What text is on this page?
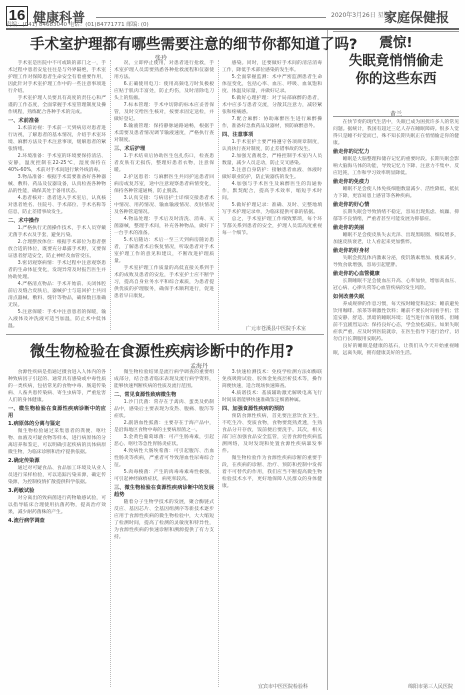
16 健康科普	2020年3月26日 星期四
家庭保健报
责编：(041) 84683040 电话：(01)84771771 邮编: (0)
手术室护理都有哪些需要注意的细节你都知道了吗?
张玲

手术室是医院中不可或缺的部门之一，手术过程中患者安危往往是与外界隔绝，手术室护理工作对保障患者生命安全有着重要作用，因此针对手术室护理工作中的一些注意事项进行介绍。

手术室护理人员要具有高度的责任心和严谨的工作态度，全面掌握手术室管理制度及操作规程，熟练配合各种手术的完成。

一、术前准备

1.术前访视：手术前一天到病房对患者进行访视，了解患者的基本情况，介绍手术室环境、麻醉方法及手术注意事项，缓解患者的紧张情绪。

2.环境准备：手术室的环境要保持清洁、安静，温度控制在22-25℃，湿度保持在40%-60%，术前对手术间进行紫外线消毒。

3.物品准备：根据手术需要准备好各种器械、敷料、药品及仪器设备，认真检查各种物品的性能，确保其处于备用状态。

4.患者核对：患者进入手术室后，认真核对患者姓名、住院号、手术部位、手术名称等信息，防止差错事故发生。

二、术中操作

1.严格执行无菌操作技术，手术人员穿戴无菌手术衣及手套，避免污染。

2.合理摆放体位：根据手术部位为患者摆放合适的体位，既要充分暴露手术野，又要保证患者舒适安全，防止神经及血管受压。

3.密切观察病情：手术过程中注意观察患者的生命体征变化，发现异常及时报告医生并协助处理。

4.严格清点物品：手术开始前、关闭体腔前后及缝合皮肤后，器械护士与巡回护士共同清点器械、敷料、缝针等物品，确保数目准确无误。

5.注意保暖：手术中注意患者的保暖，输入液体及冲洗液可适当加温，防止术中低体温。

况，立即停止使用，对患者进行抢救，手术室护理人员需要熟悉各种抢救流程和仪器使用方法。

6.正确使用电刀：使用高频电刀时负极板应贴于肌肉丰富处，防止灼伤，及时清除电刀头上的焦痂。

7.标本管理：手术中切除的标本应妥善保管，及时交给医生核对，按要求固定送检，并做好登记。

8.输液管理：保持静脉通路通畅，根据手术需要及患者情况调节输液速度，严格执行查对制度。

三、术后护理

1.手术结束后协助医生包扎伤口，检查患者皮肤有无损伤，整理好患者衣物，注意保暖。

2.护送患者：与麻醉医生共同护送患者回病房或复苏室，途中注意观察患者病情变化，保持各种管道通畅，防止脱落。

3.认真交接：与病房护士详细交接患者术中情况、用药情况、输血输液情况、皮肤情况及各种管道情况。

4.物品处理：手术后及时清洗、消毒、灭菌器械，整理手术间，补充各种物品，做好下一台手术的准备。

5.术后随访：术后一至三天到病房随访患者，了解患者术后恢复情况，听取患者对手术室护理工作的意见和建议，不断改进护理质量。

手术室护理工作质量的高低直接关系到手术的成败及患者的安危，手术室护士应不断学习，提高自身业务水平和综合素质，为患者提供优质的护理服务，确保手术顺利进行，促进患者早日康复。

感染。同时，还要做好手术间的清洁消毒工作，降低手术部位感染的发生率。

5.全面掌握监测：术中严密监测患者生命体征变化，包括心率、血压、呼吸、血氧饱和度、体温及尿量，并做好记录。

6.做好心理护理：对于局部麻醉的患者，术中应多与患者交流，分散其注意力，减轻紧张和疼痛感。

7.配合麻醉：协助麻醉医生进行麻醉操作，准备好急救药品及器材，预防麻醉意外。

四、注意事项

1.手术室护士要严格遵守各项规章制度，认真执行查对制度，防止差错事故的发生。

2.加强无菌观念，严格控制手术室内人员数量，减少人员走动，防止交叉感染。

3.注意自身防护：接触患者血液、体液时做好职业防护，防止锐器伤的发生。

4.加强与手术医生及麻醉医生的沟通协作，默契配合，提高手术效率，缩短手术时间。

5.做好护理记录：准确、及时、完整地填写手术护理记录单，为临床提供可靠的依据。

总之，手术室护理工作细致繁琐，每个环节都关系到患者的安全，护理人员需高度重视每一个细节。

广元市苍溪县中医院手术室
微生物检验在食源性疾病诊断中的作用?
孟海丹

食源性疾病是指通过摄食进入人体内的各种致病因子引起的、通常具有感染或中毒性质的一类疾病，包括常见的食物中毒、肠道传染病、人畜共患传染病、寄生虫病等，严重危害人们的身体健康。

一、微生物检验在食源性疾病诊断中的应用
1.病原体的分离与鉴定

微生物检验通过采集患者的粪便、呕吐物、血液及可疑食物等样本，进行病原体的分离培养和鉴定，可以明确引起疾病的具体病原微生物，为临床诊断和治疗提供依据。

2.确定传染源

通过对可疑食品、食品加工环境及从业人员进行采样检验，可以追踪污染来源，确定传染源，为控制疫情扩散提供科学依据。

3.药敏试验

对分离出的致病菌进行药物敏感试验，可以指导临床合理使用抗菌药物，提高治疗效果，减少耐药菌株的产生。

4.流行病学调查

微生物检验结果是流行病学调查的重要组成部分，结合患者临床表现及流行病学资料，能够快速判断疾病的性质及流行范围。

二、常见食源性致病微生物

1.沙门氏菌：常存在于禽肉、蛋类及奶制品中，感染后主要表现为发热、腹痛、腹泻等症状。

2.副溶血性弧菌：主要存在于海产品中，是沿海地区食物中毒的主要病原菌之一。

3.金黄色葡萄球菌：可产生肠毒素，引起恶心、呕吐等急性胃肠炎症状。

4.致病性大肠埃希菌：可引起腹泻、出血性肠炎等疾病，严重者可导致溶血性尿毒综合征。

5.肉毒梭菌：产生的肉毒毒素毒性极强，可引起神经麻痹症状，病死率较高。

三、微生物检验在食源性疾病诊断中的发展趋势

随着分子生物学技术的发展，聚合酶链式反应、基因芯片、全基因组测序等新技术逐步应用于食源性疾病的微生物检验中，大大缩短了检测时间，提高了检测的灵敏度和特异性，为食源性疾病的快速诊断和溯源提供了有力支持。

3.快速检测技术：免疫学检测方法如酶联免疫吸附试验、胶体金免疫层析技术等，操作简便快速，适合现场快速筛查。

4.质谱技术：基质辅助激光解吸电离飞行时间质谱能够快速准确鉴定细菌种属。

四、加强食源性疾病的预防

预防食源性疾病，首先要注意饮食卫生，不吃生冷、变质食物，食物要烧熟煮透，生熟食品分开存放，饭前便后要洗手。其次，相关部门应加强食品安全监管，完善食源性疾病监测网络，及时发现和处置食源性疾病暴发事件。

微生物检验作为食源性疾病诊断的重要手段，在疾病的诊断、治疗、预防和控制中发挥着不可替代的作用，我们应当不断提高微生物检验技术水平，更好地保障人民群众的身体健康。

宜宾市中医医院检验科
震惊!
失眠竟悄悄偷走
你的这些东西
黄兰

在快节奏的现代生活中，失眠已成为困扰许多人的常见问题。据统计，我国有超过三亿人存在睡眠障碍。很多人觉得只是睡不好觉而已，殊不知长期失眠正在悄悄偷走你的健康。

偷走你的记忆力

睡眠是大脑整理和储存记忆的重要时段。长期失眠会影响大脑海马体的功能，导致记忆力下降、注意力不集中、反应迟钝，工作和学习效率明显降低。

偷走你的免疫力

睡眠不足会使人体免疫细胞数量减少、活性降低，抵抗力下降，更容易患上感冒等各种疾病。

偷走你的好心情

长期失眠会导致情绪不稳定，容易出现焦虑、烦躁、抑郁等不良情绪，严重者甚至可能发展为抑郁症。

偷走你的美丽

睡眠不足会使皮肤失去光泽、出现黑眼圈、细纹增多，加速皮肤衰老，让人看起来更加憔悴。

偷走你的好身材

失眠会扰乱体内激素分泌，使饥饿素增加、瘦素减少，导致食欲增强，容易引起肥胖。

偷走你的心血管健康

长期睡眠不足会使血压升高、心率加快，增加高血压、冠心病、心律失常等心血管疾病的发生风险。

如何改善失眠

养成规律的作息习惯，每天按时睡觉和起床；睡前避免饮用咖啡、浓茶等刺激性饮料；睡前不要长时间看手机；营造安静、舒适、黑暗的睡眠环境；适当进行体育锻炼，但睡前不宜剧烈运动；保持良好心态，学会放松减压。如果失眠症状严重，应及时到医院就诊，在医生指导下进行治疗，切勿自行长期服用安眠药。

良好的睡眠是健康的基石，让我们从今天开始重视睡眠，远离失眠，拥有健康美好的生活。

绵阳市第三人民医院
